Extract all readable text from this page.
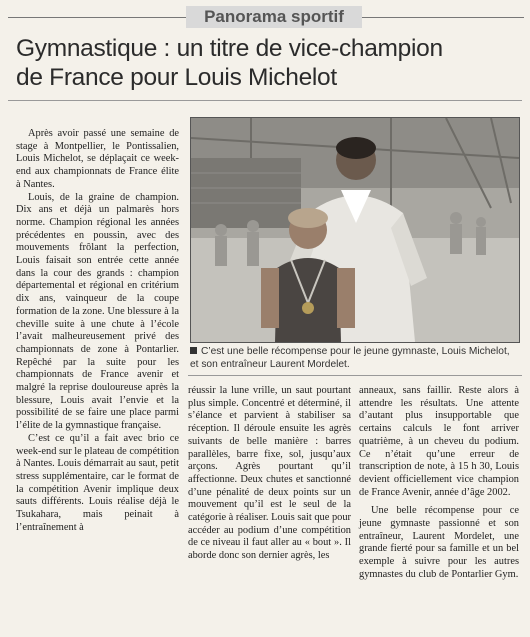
Panorama sportif
Gymnastique : un titre de vice-champion
de France pour Louis Michelot

Après avoir passé une semaine de stage à Montpellier, le Pontissalien, Louis Michelot, se déplaçait ce week-end aux championnats de France élite à Nantes.

Louis, de la graine de champion. Dix ans et déjà un palmarès hors norme. Champion régional les années précédentes en poussin, avec des mouvements frôlant la perfection, Louis faisait son entrée cette année dans la cour des grands : champion départemental et régional en critérium dix ans, vainqueur de la coupe formation de la zone. Une blessure à la cheville suite à une chute à l’école l’avait malheureusement privé des championnats de zone à Pontarlier. Repêché par la suite pour les championnats de France avenir et malgré la reprise douloureuse après la blessure, Louis avait l’envie et la possibilité de se faire une place parmi l’élite de la gymnastique française.

C’est ce qu’il a fait avec brio ce week-end sur le plateau de compétition à Nantes. Louis démarrait au saut, petit stress supplémentaire, car le format de la compétition Avenir implique deux sauts différents. Louis réalise déjà le Tsukahara, mais peinait à l’entraînement à

C’est une belle récompense pour le jeune gymnaste, Louis Michelot, et son entraîneur Laurent Mordelet.

réussir la lune vrille, un saut pourtant plus simple. Concentré et déterminé, il s’élance et parvient à stabiliser sa réception. Il déroule ensuite les agrès suivants de belle manière : barres parallèles, barre fixe, sol, jusqu’aux arçons. Agrès pourtant qu’il affectionne. Deux chutes et sanctionné d’une pénalité de deux points sur un mouvement qu’il est le seul de la catégorie à réaliser. Louis sait que pour accéder au podium d’une compétition de ce niveau il faut aller au « bout ». Il aborde donc son dernier agrès, les

anneaux, sans faillir. Reste alors à attendre les résultats. Une attente d’autant plus insupportable que certains calculs le font arriver quatrième, à un cheveu du podium. Ce n’était qu’une erreur de transcription de note, à 15 h 30, Louis devient officiellement vice champion de France Avenir, année d’âge 2002.

Une belle récompense pour ce jeune gymnaste passionné et son entraîneur, Laurent Mordelet, une grande fierté pour sa famille et un bel exemple à suivre pour les autres gymnastes du club de Pontarlier Gym.
